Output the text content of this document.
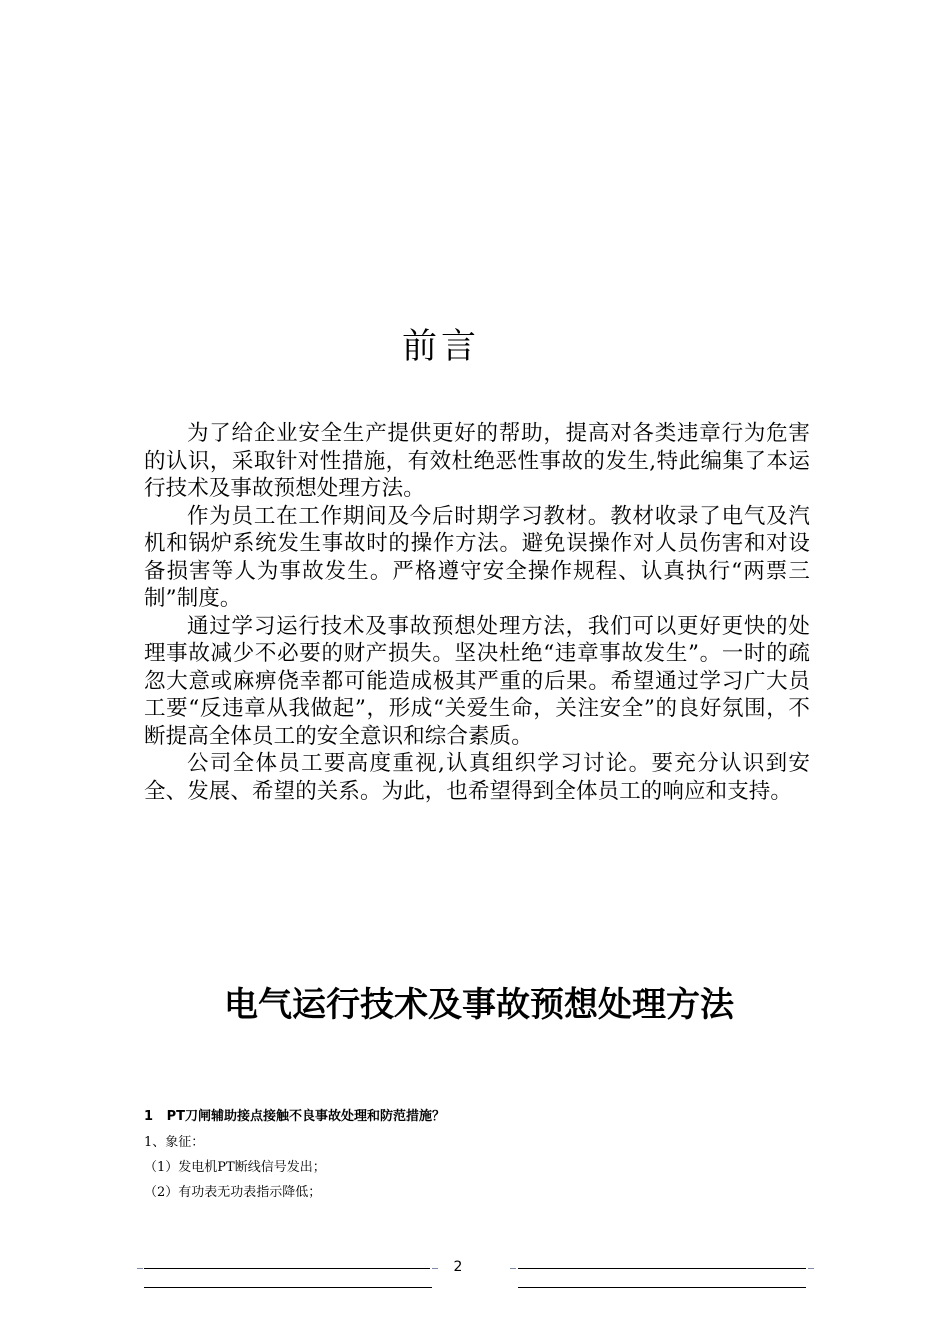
前言

为了给企业安全生产提供更好的帮助，提高对各类违章行为危害的认识，采取针对性措施，有效杜绝恶性事故的发生,特此编集了本运行技术及事故预想处理方法。

作为员工在工作期间及今后时期学习教材。教材收录了电气及汽机和锅炉系统发生事故时的操作方法。避免误操作对人员伤害和对设备损害等人为事故发生。严格遵守安全操作规程、认真执行“两票三制”制度。

通过学习运行技术及事故预想处理方法，我们可以更好更快的处理事故减少不必要的财产损失。坚决杜绝“违章事故发生”。一时的疏忽大意或麻痹侥幸都可能造成极其严重的后果。希望通过学习广大员工要“反违章从我做起”，形成“关爱生命，关注安全”的良好氛围，不断提高全体员工的安全意识和综合素质。

公司全体员工要高度重视,认真组织学习讨论。要充分认识到安全、发展、希望的关系。为此，也希望得到全体员工的响应和支持。

电气运行技术及事故预想处理方法

1   PT刀闸辅助接点接触不良事故处理和防范措施？

1、象征：

（1）发电机PT断线信号发出；

（2）有功表无功表指示降低；

2
